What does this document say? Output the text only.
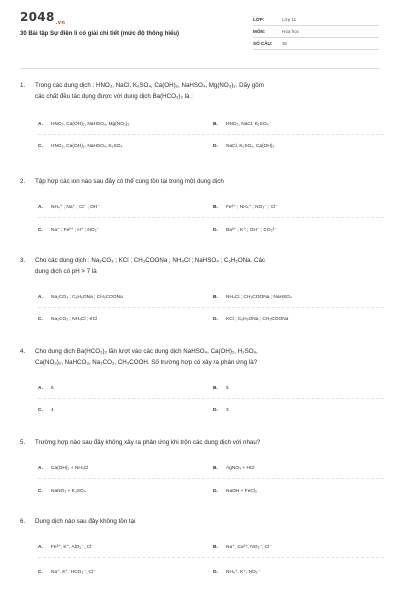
$2048_{.vn}$
30 Bài tập Sự điện li có giải chi tiết (mức độ thông hiểu)
LỚP:	Lớp 11
MÔN:	Hóa học
SỐ CÂU:	30
1.	Trong các dung dịch : HNO₃, NaCl, K₂SO₄, Ca(OH)₂, NaHSO₄, Mg(NO₃)₂. Dãy gồm
các chất đều tác dụng được với dung dịch Ba(HCO₃)₂ là :
A.	HNO₃, Ca(OH)₂, NaHSO₄, Mg(NO₃)₂	B.	HNO₃, NaCl, K₂SO₄
C.	HNO₃, Ca(OH)₂, NaHSO₄, K₂SO₄	D.	NaCl, K₂SO₄, Ca(OH)₂
2.	Tập hợp các ion nào sau đây có thể cùng tồn tại trong một dung dịch
A.	NH₄⁺ ; Na⁺ ; Cl⁻ ; OH⁻	B.	Fe²⁺ ; NH₄⁺ ; NO₃⁻ ; Cl⁻
C.	Na⁺ ; Fe²⁺ ; H⁺ ; NO₃⁻	D.	Ba²⁺ ; K⁺ ; OH⁻ ; CO₃²⁻
3.	Cho các dung dịch : Na₂CO₃ ; KCl ; CH₃COONa ; NH₄Cl ; NaHSO₄ ; C₆H₅ONa. Các
dung dịch có pH > 7 là
A.	Na₂CO₃ ; C₆H₅ONa ; CH₃COONa	B.	NH₄Cl ; CH₃COONa ; NaHSO₄
C.	Na₂CO₃ ; NH₄Cl ; KCl	D.	KCl ; C₆H₅ONa ; CH₃COONa
4.	Cho dung dịch Ba(HCO₃)₂ lần lượt vào các dung dịch NaHSO₄, Ca(OH)₂, H₂SO₄,
Ca(NO₃)₂, NaHCO₃, Na₂CO₃, CH₃COOH. Số trường hợp có xảy ra phản ứng là?
A.	6	B.	5
C.	4	D.	3
5.	Trường hợp nào sau đây không xảy ra phản ứng khi trộn các dung dịch với nhau?
A.	Ca(OH)₂ + NH₄Cl	B.	AgNO₃ + HCl
C.	NaNO₃ + K₂SO₄	D.	NaOH + FeCl₃
6.	Dung dịch nào sau đây không tồn tại
A.	Fe³⁺, K⁺, AlO₂⁻, Cl⁻	B.	Na⁺, Cu²⁺, NO₃⁻, Cl⁻
C.	Na⁺, K⁺, HCO₃⁻, Cl⁻	D.	NH₄⁺, K⁺, NO₃⁻
